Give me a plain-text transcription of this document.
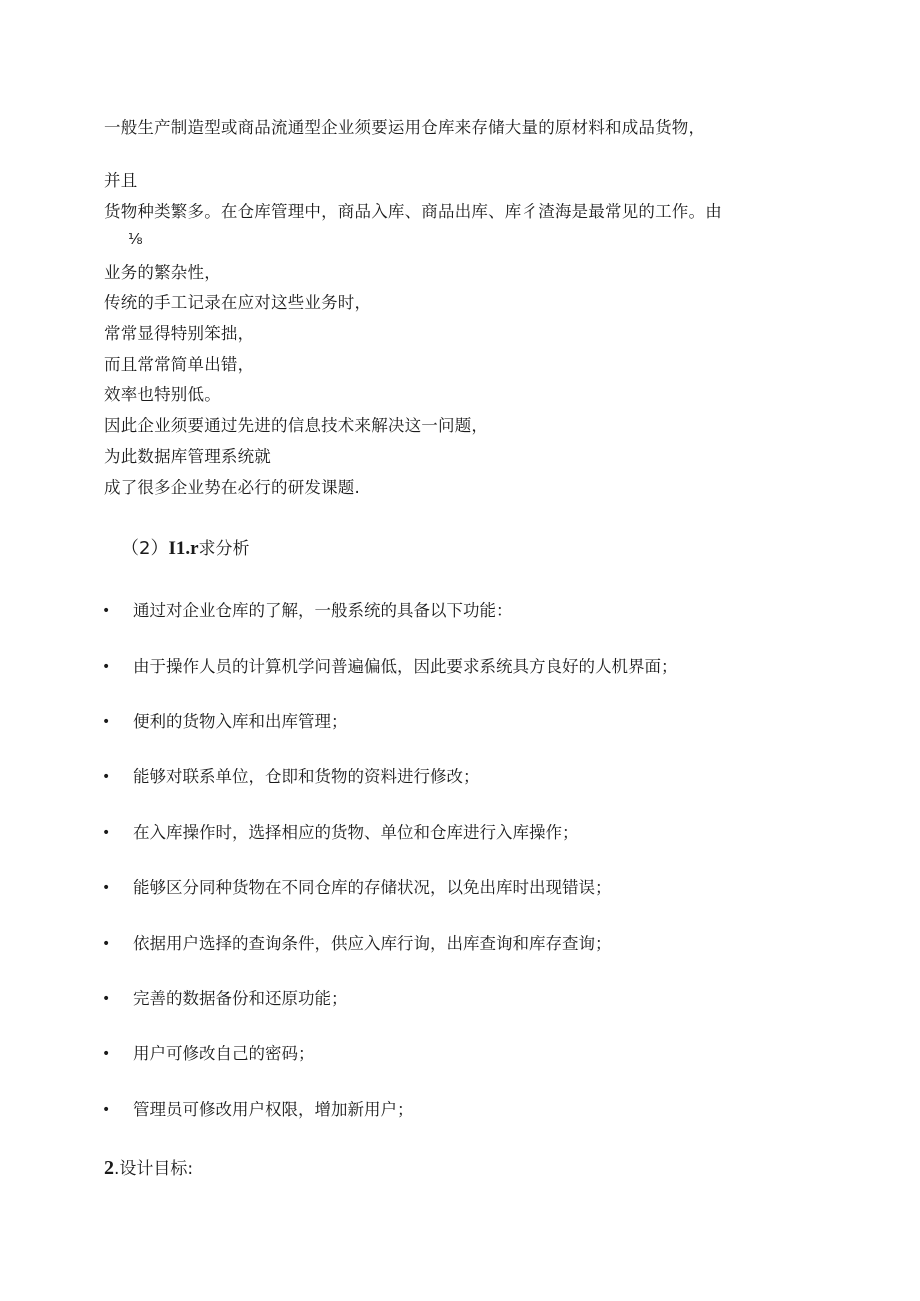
一般生产制造型或商品流通型企业须要运用仓库来存储大量的原材料和成品货物，
并且
货物种类繁多。在仓库管理中，商品入库、商品出库、库彳渣海是最常见的工作。由
⅛
业务的繁杂性，
传统的手工记录在应对这些业务时，
常常显得特别笨拙，
而且常常简单出错，
效率也特别低。
因此企业须要通过先进的信息技术来解决这一问题，
为此数据库管理系统就
成了很多企业势在必行的研发课题.
（2）I1.r求分析
• 通过对企业仓库的了解，一般系统的具备以下功能：
• 由于操作人员的计算机学问普遍偏低，因此要求系统具方良好的人机界面；
• 便利的货物入库和出库管理；
• 能够对联系单位，仓即和货物的资料进行修改；
• 在入库操作时，选择相应的货物、单位和仓库进行入库操作；
• 能够区分同种货物在不同仓库的存储状况，以免出库时出现错误；
• 依据用户选择的查询条件，供应入库行询，出库查询和库存查询；
• 完善的数据备份和还原功能；
• 用户可修改自己的密码；
• 管理员可修改用户权限，增加新用户；
2.设计目标:
